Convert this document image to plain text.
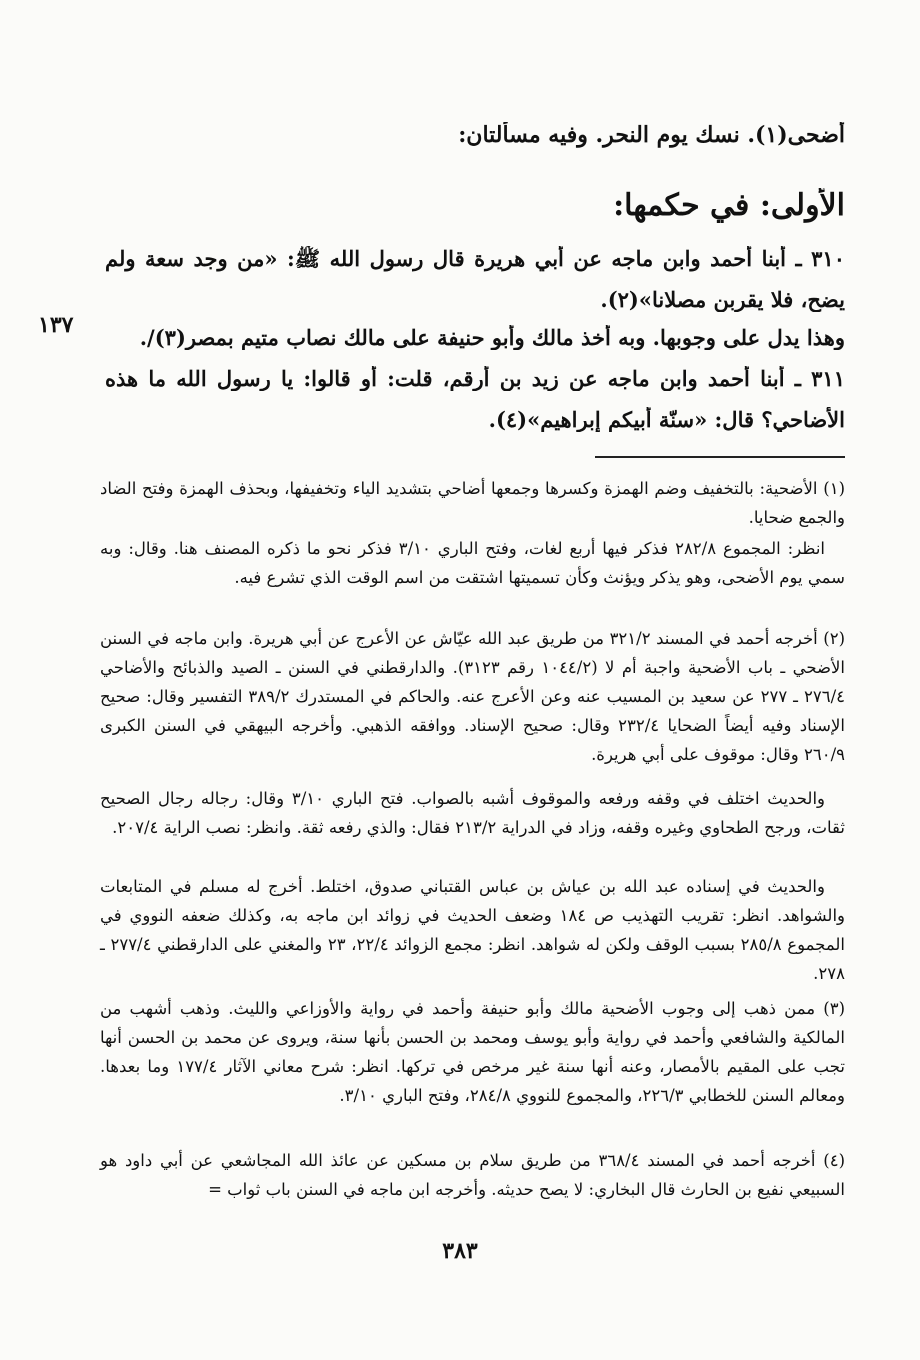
أضحى(١). نسك يوم النحر. وفيه مسألتان:
الأولى: في حكمها:
٣١٠ ـ أبنا أحمد وابن ماجه عن أبي هريرة قال رسول الله ﷺ: «من وجد سعة ولم
يضح، فلا يقربن مصلانا»(٢).
١٣٧	وهذا يدل على وجوبها. وبه أخذ مالك وأبو حنيفة على مالك نصاب متيم بمصر(٣)/.
٣١١ ـ أبنا أحمد وابن ماجه عن زيد بن أرقم، قلت: أو قالوا: يا رسول الله ما هذه
الأضاحي؟ قال: «سنّة أبيكم إبراهيم»(٤).
(١) الأضحية: بالتخفيف وضم الهمزة وكسرها وجمعها أضاحي بتشديد الياء وتخفيفها، وبحذف الهمزة وفتح الضاد والجمع ضحايا.
انظر: المجموع ٢٨٢/٨ فذكر فيها أربع لغات، وفتح الباري ٣/١٠ فذكر نحو ما ذكره المصنف هنا. وقال: وبه سمي يوم الأضحى، وهو يذكر ويؤنث وكأن تسميتها اشتقت من اسم الوقت الذي تشرع فيه.
(٢) أخرجه أحمد في المسند ٣٢١/٢ من طريق عبد الله عيّاش عن الأعرج عن أبي هريرة. وابن ماجه في السنن الأضحي ـ باب الأضحية واجبة أم لا (١٠٤٤/٢ رقم ٣١٢٣). والدارقطني في السنن ـ الصيد والذبائح والأضاحي ٢٧٦/٤ ـ ٢٧٧ عن سعيد بن المسيب عنه وعن الأعرج عنه. والحاكم في المستدرك ٣٨٩/٢ التفسير وقال: صحيح الإسناد وفيه أيضاً الضحايا ٢٣٢/٤ وقال: صحيح الإسناد. ووافقه الذهبي. وأخرجه البيهقي في السنن الكبرى ٢٦٠/٩ وقال: موقوف على أبي هريرة.
والحديث اختلف في وقفه ورفعه والموقوف أشبه بالصواب. فتح الباري ٣/١٠ وقال: رجاله رجال الصحيح ثقات، ورجح الطحاوي وغيره وقفه، وزاد في الدراية ٢١٣/٢ فقال: والذي رفعه ثقة. وانظر: نصب الراية ٢٠٧/٤.
والحديث في إسناده عبد الله بن عياش بن عباس القتباني صدوق، اختلط. أخرج له مسلم في المتابعات والشواهد. انظر: تقريب التهذيب ص ١٨٤ وضعف الحديث في زوائد ابن ماجه به، وكذلك ضعفه النووي في المجموع ٢٨٥/٨ بسبب الوقف ولكن له شواهد. انظر: مجمع الزوائد ٢٢/٤، ٢٣ والمغني على الدارقطني ٢٧٧/٤ ـ ٢٧٨.
(٣) ممن ذهب إلى وجوب الأضحية مالك وأبو حنيفة وأحمد في رواية والأوزاعي والليث. وذهب أشهب من المالكية والشافعي وأحمد في رواية وأبو يوسف ومحمد بن الحسن بأنها سنة، ويروى عن محمد بن الحسن أنها تجب على المقيم بالأمصار، وعنه أنها سنة غير مرخص في تركها. انظر: شرح معاني الآثار ١٧٧/٤ وما بعدها. ومعالم السنن للخطابي ٢٢٦/٣، والمجموع للنووي ٢٨٤/٨، وفتح الباري ٣/١٠.
(٤) أخرجه أحمد في المسند ٣٦٨/٤ من طريق سلام بن مسكين عن عائذ الله المجاشعي عن أبي داود هو السبيعي نفيع بن الحارث قال البخاري: لا يصح حديثه. وأخرجه ابن ماجه في السنن باب ثواب =
٣٨٣
